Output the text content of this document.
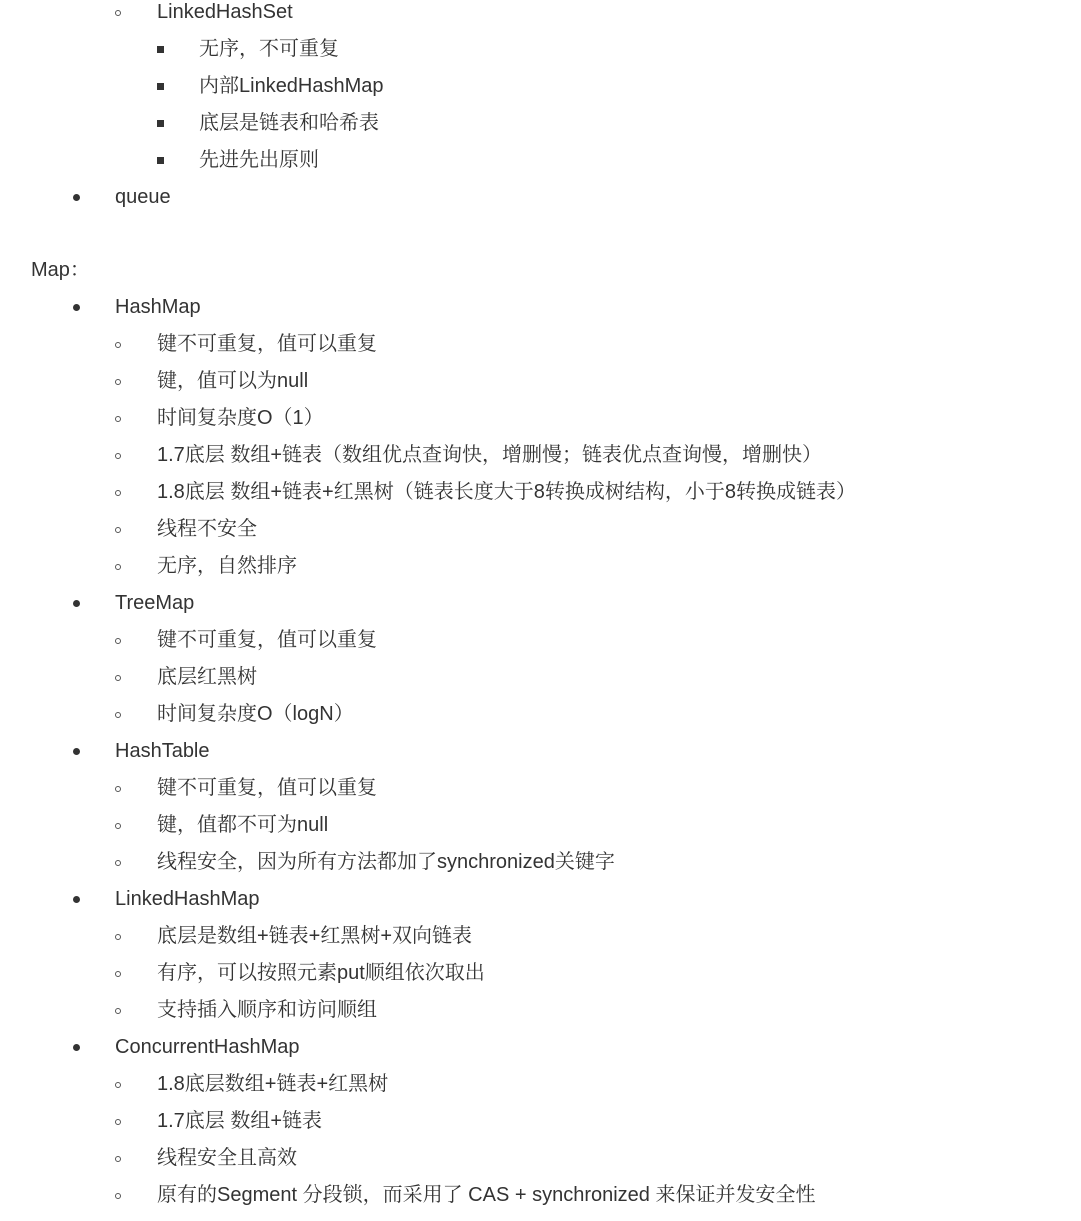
LinkedHashSet
无序，不可重复
内部LinkedHashMap
底层是链表和哈希表
先进先出原则
queue
Map：
HashMap
键不可重复，值可以重复
键，值可以为null
时间复杂度O（1）
1.7底层 数组+链表（数组优点查询快，增删慢；链表优点查询慢，增删快）
1.8底层 数组+链表+红黑树（链表长度大于8转换成树结构，小于8转换成链表）
线程不安全
无序，自然排序
TreeMap
键不可重复，值可以重复
底层红黑树
时间复杂度O（logN）
HashTable
键不可重复，值可以重复
键，值都不可为null
线程安全，因为所有方法都加了synchronized关键字
LinkedHashMap
底层是数组+链表+红黑树+双向链表
有序，可以按照元素put顺组依次取出
支持插入顺序和访问顺组
ConcurrentHashMap
1.8底层数组+链表+红黑树
1.7底层 数组+链表
线程安全且高效
原有的Segment 分段锁，而采用了 CAS + synchronized 来保证并发安全性
